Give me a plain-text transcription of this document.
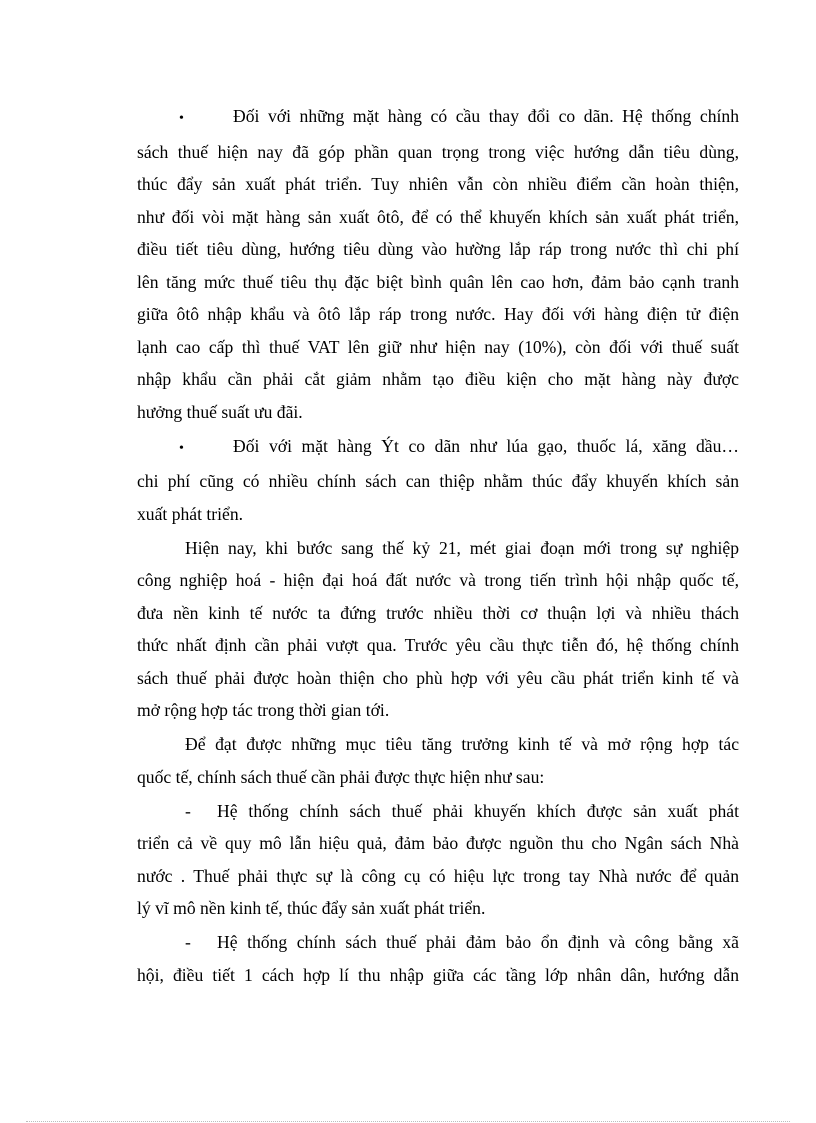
•	Đối với những mặt hàng có cầu thay đổi co dãn. Hệ thống chính
sách thuế hiện nay đã góp phần quan trọng trong việc hướng dẫn tiêu dùng,
thúc đẩy sản xuất phát triển. Tuy nhiên vẫn còn nhiều điểm cần hoàn thiện,
như đối vòi mặt hàng sản xuất ôtô, để có thể khuyến khích sản xuất phát triển,
điều tiết tiêu dùng, hướng tiêu dùng vào hường lắp ráp trong nước thì chi phí
lên tăng mức thuế tiêu thụ đặc biệt bình quân lên cao hơn, đảm bảo cạnh tranh
giữa ôtô nhập khẩu và ôtô lắp ráp trong nước. Hay đối với hàng điện tử điện
lạnh cao cấp thì thuế VAT lên giữ như hiện nay (10%), còn đối với thuế suất
nhập khẩu cần phải cắt giảm nhằm tạo điều kiện cho mặt hàng này được
hưởng thuế suất ưu đãi.
•	Đối với mặt hàng Ýt co dãn như lúa gạo, thuốc lá, xăng dầu…
chi phí cũng có nhiều chính sách can thiệp nhằm thúc đẩy khuyến khích sản
xuất phát triển.
Hiện nay, khi bước sang thế kỷ 21, mét giai đoạn mới trong sự nghiệp
công nghiệp hoá - hiện đại hoá đất nước và trong tiến trình hội nhập quốc tế,
đưa nền kinh tế nước ta đứng trước nhiều thời cơ thuận lợi và nhiều thách
thức nhất định cần phải vượt qua. Trước yêu cầu thực tiễn đó, hệ thống chính
sách thuế phải được hoàn thiện cho phù hợp với yêu cầu phát triển kinh tế và
mở rộng hợp tác trong thời gian tới.
Để đạt được những mục tiêu tăng trưởng kinh tế và mở rộng hợp tác
quốc tế, chính sách thuế cần phải được thực hiện như sau:
-	Hệ thống chính sách thuế phải khuyến khích được sản xuất phát
triển cả về quy mô lẫn hiệu quả, đảm bảo được nguồn thu cho Ngân sách Nhà
nước . Thuế phải thực sự là công cụ có hiệu lực trong tay Nhà nước để quản
lý vĩ mô nền kinh tế, thúc đẩy sản xuất phát triển.
-	Hệ thống chính sách thuế phải đảm bảo ổn định và công bằng xã
hội, điều tiết 1 cách hợp lí thu nhập giữa các tầng lớp nhân dân, hướng dẫn
